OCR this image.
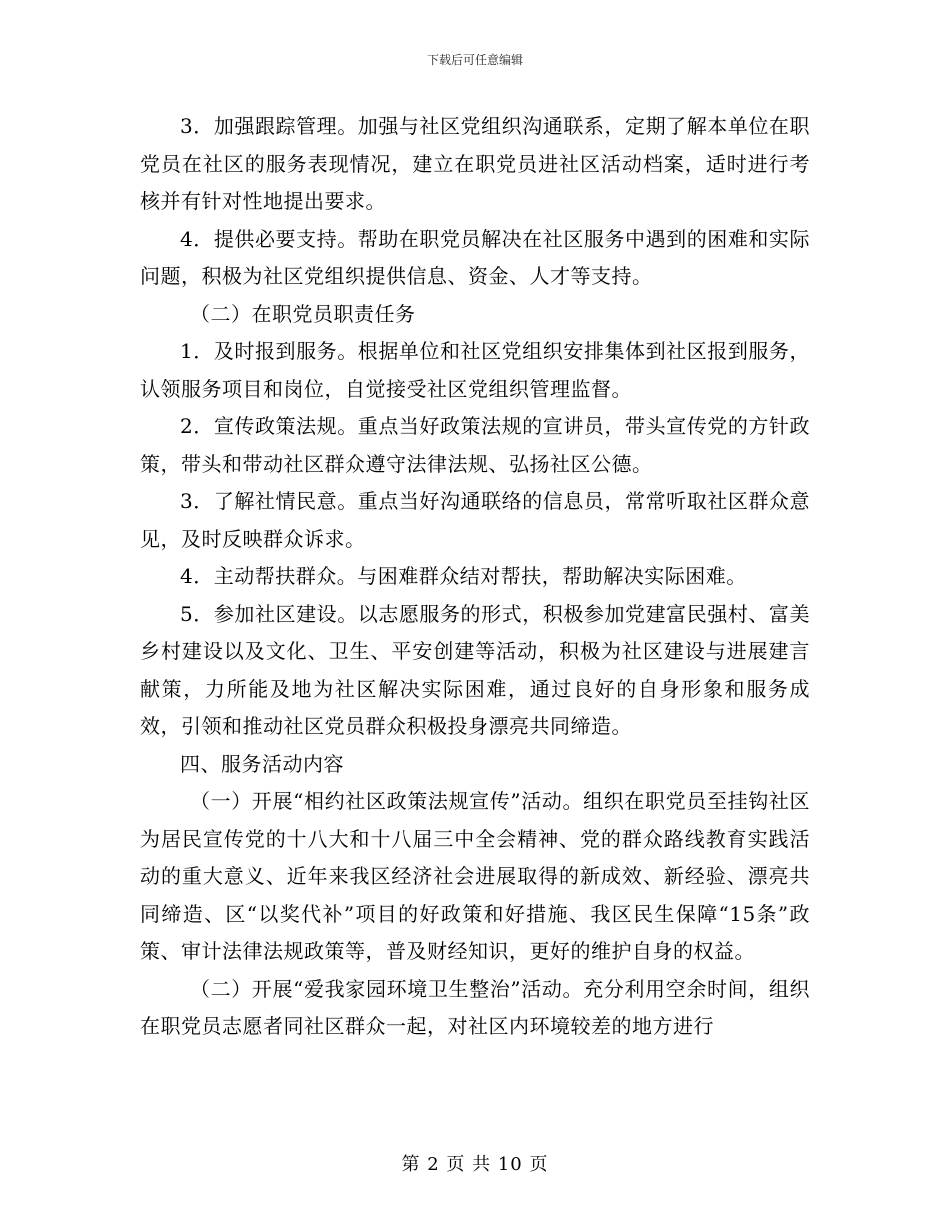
下载后可任意编辑

3．加强跟踪管理。加强与社区党组织沟通联系，定期了解本单位在职党员在社区的服务表现情况，建立在职党员进社区活动档案，适时进行考核并有针对性地提出要求。

4．提供必要支持。帮助在职党员解决在社区服务中遇到的困难和实际问题，积极为社区党组织提供信息、资金、人才等支持。

（二）在职党员职责任务

1．及时报到服务。根据单位和社区党组织安排集体到社区报到服务，认领服务项目和岗位，自觉接受社区党组织管理监督。

2．宣传政策法规。重点当好政策法规的宣讲员，带头宣传党的方针政策，带头和带动社区群众遵守法律法规、弘扬社区公德。

3．了解社情民意。重点当好沟通联络的信息员，常常听取社区群众意见，及时反映群众诉求。

4．主动帮扶群众。与困难群众结对帮扶，帮助解决实际困难。

5．参加社区建设。以志愿服务的形式，积极参加党建富民强村、富美乡村建设以及文化、卫生、平安创建等活动，积极为社区建设与进展建言献策，力所能及地为社区解决实际困难，通过良好的自身形象和服务成效，引领和推动社区党员群众积极投身漂亮共同缔造。

四、服务活动内容

（一）开展“相约社区政策法规宣传”活动。组织在职党员至挂钩社区为居民宣传党的十八大和十八届三中全会精神、党的群众路线教育实践活动的重大意义、近年来我区经济社会进展取得的新成效、新经验、漂亮共同缔造、区“以奖代补”项目的好政策和好措施、我区民生保障“15条”政策、审计法律法规政策等，普及财经知识，更好的维护自身的权益。

（二）开展“爱我家园环境卫生整治”活动。充分利用空余时间，组织在职党员志愿者同社区群众一起，对社区内环境较差的地方进行

第 2 页 共 10 页
